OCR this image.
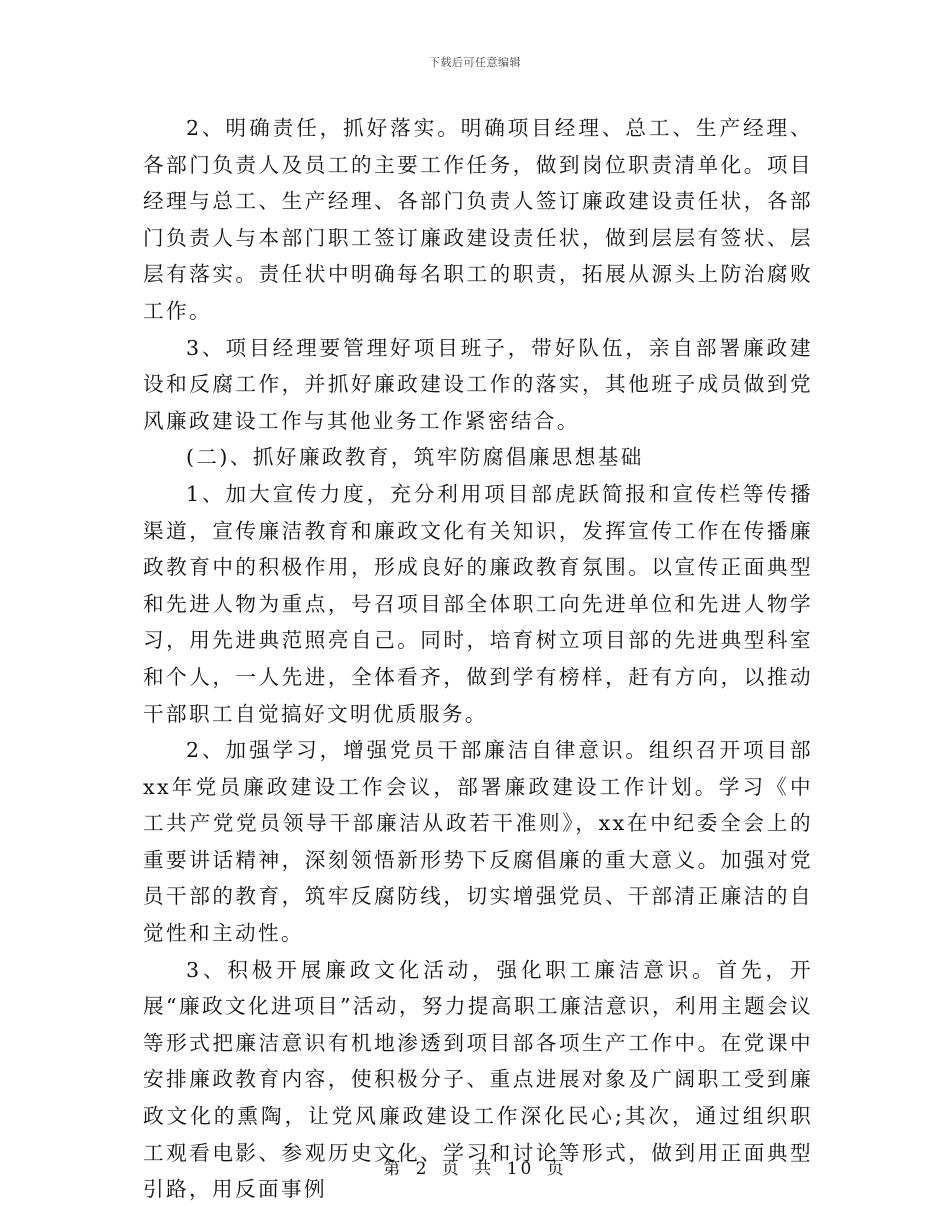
下载后可任意编辑

2、明确责任，抓好落实。明确项目经理、总工、生产经理、各部门负责人及员工的主要工作任务，做到岗位职责清单化。项目经理与总工、生产经理、各部门负责人签订廉政建设责任状，各部门负责人与本部门职工签订廉政建设责任状，做到层层有签状、层层有落实。责任状中明确每名职工的职责，拓展从源头上防治腐败工作。

3、项目经理要管理好项目班子，带好队伍，亲自部署廉政建设和反腐工作，并抓好廉政建设工作的落实，其他班子成员做到党风廉政建设工作与其他业务工作紧密结合。

(二)、抓好廉政教育，筑牢防腐倡廉思想基础

1、加大宣传力度，充分利用项目部虎跃简报和宣传栏等传播渠道，宣传廉洁教育和廉政文化有关知识，发挥宣传工作在传播廉政教育中的积极作用，形成良好的廉政教育氛围。以宣传正面典型和先进人物为重点，号召项目部全体职工向先进单位和先进人物学习，用先进典范照亮自己。同时，培育树立项目部的先进典型科室和个人，一人先进，全体看齐，做到学有榜样，赶有方向，以推动干部职工自觉搞好文明优质服务。

2、加强学习，增强党员干部廉洁自律意识。组织召开项目部xx年党员廉政建设工作会议，部署廉政建设工作计划。学习《中工共产党党员领导干部廉洁从政若干准则》，xx在中纪委全会上的重要讲话精神，深刻领悟新形势下反腐倡廉的重大意义。加强对党员干部的教育，筑牢反腐防线，切实增强党员、干部清正廉洁的自觉性和主动性。

3、积极开展廉政文化活动，强化职工廉洁意识。首先，开展“廉政文化进项目”活动，努力提高职工廉洁意识，利用主题会议等形式把廉洁意识有机地渗透到项目部各项生产工作中。在党课中安排廉政教育内容，使积极分子、重点进展对象及广阔职工受到廉政文化的熏陶，让党风廉政建设工作深化民心;其次，通过组织职工观看电影、参观历史文化、学习和讨论等形式，做到用正面典型引路，用反面事例

第 2 页 共 10 页
